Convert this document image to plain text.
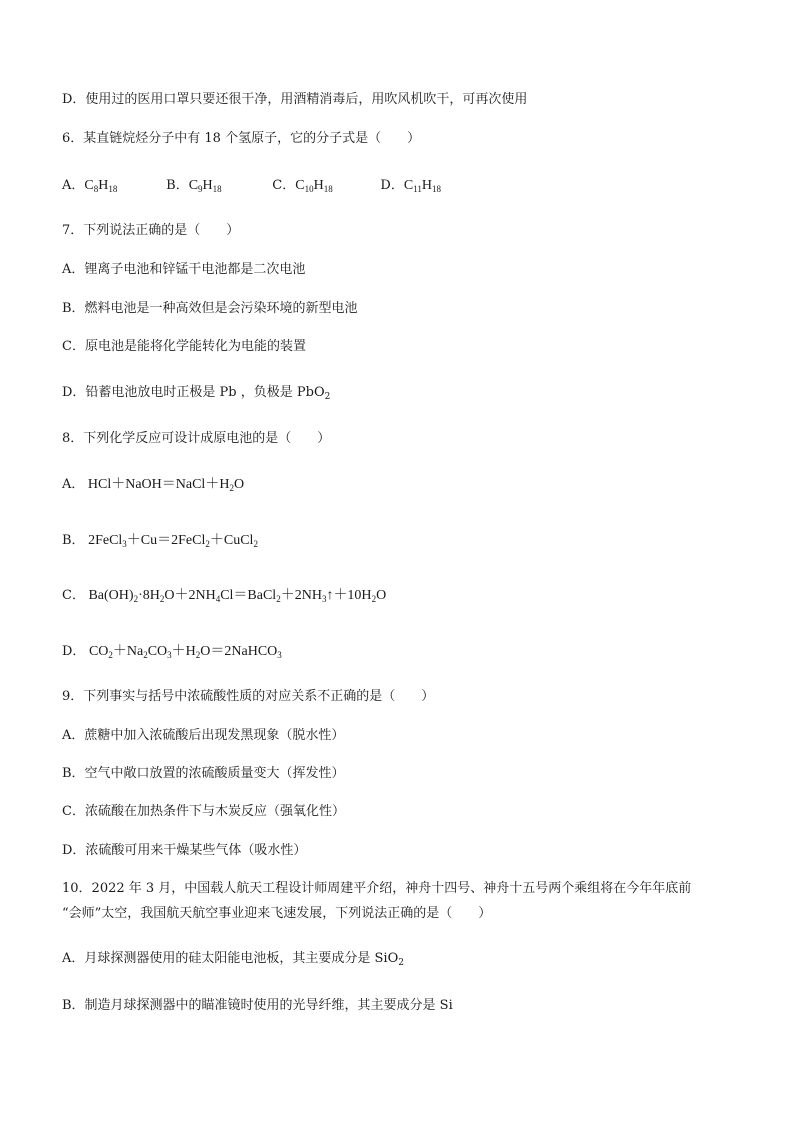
D．使用过的医用口罩只要还很干净，用酒精消毒后，用吹风机吹干，可再次使用
6．某直链烷烃分子中有 18 个氢原子，它的分子式是（　　）
A．$C_8H_{18}$	B．$C_9H_{18}$	C．$C_{10}H_{18}$	D．$C_{11}H_{18}$
7．下列说法正确的是（　　）
A．锂离子电池和锌锰干电池都是二次电池
B．燃料电池是一种高效但是会污染环境的新型电池
C．原电池是能将化学能转化为电能的装置
D．铅蓄电池放电时正极是 Pb ，负极是 PbO$_2$
8．下列化学反应可设计成原电池的是（　　）
A． $HCl+NaOH=NaCl+H_2O$
B． 2FeCl$_3$＋Cu＝2FeCl$_2$＋CuCl$_2$
C． $Ba(OH)_2\cdot 8H_2O+2NH_4Cl=BaCl_2+2NH_3↑+10H_2O$
D． $CO_2+Na_2CO_3+H_2O=2NaHCO_3$
9．下列事实与括号中浓硫酸性质的对应关系不正确的是（　　）
A．蔗糖中加入浓硫酸后出现发黑现象（脱水性）
B．空气中敞口放置的浓硫酸质量变大（挥发性）
C．浓硫酸在加热条件下与木炭反应（强氧化性）
D．浓硫酸可用来干燥某些气体（吸水性）
10．2022 年 3 月，中国载人航天工程设计师周建平介绍，神舟十四号、神舟十五号两个乘组将在今年年底前
“会师”太空，我国航天航空事业迎来飞速发展，下列说法正确的是（　　）
A．月球探测器使用的硅太阳能电池板，其主要成分是 SiO$_2$
B．制造月球探测器中的瞄准镜时使用的光导纤维，其主要成分是 Si
